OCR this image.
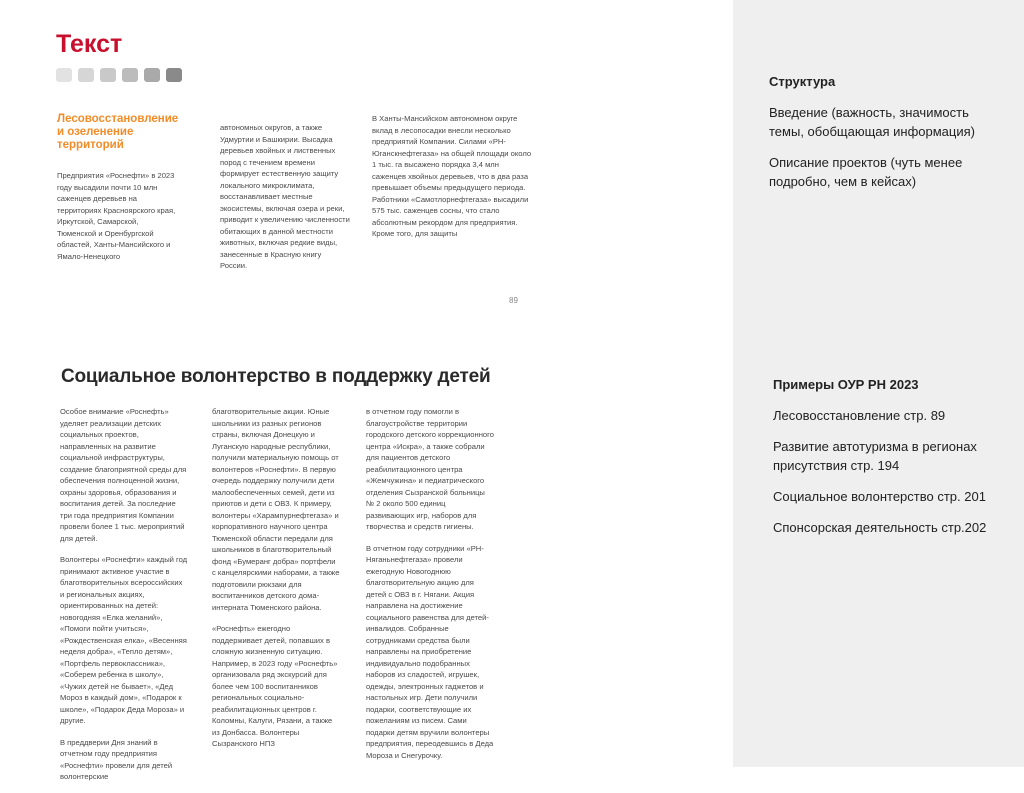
Текст
Лесовосстановление и озеленение территорий
Предприятия «Роснефти» в 2023 году высадили почти 10 млн саженцев деревьев на территориях Красноярского края, Иркутской, Самарской, Тюменской и Оренбургской областей, Ханты-Мансийского и Ямало-Ненецкого
автономных округов, а также Удмуртии и Башкирии. Высадка деревьев хвойных и лиственных пород с течением времени формирует естественную защиту локального микроклимата, восстанавливает местные экосистемы, включая озера и реки, приводит к увеличению численности обитающих в данной местности животных, включая редкие виды, занесенные в Красную книгу России.
В Ханты-Мансийском автономном округе вклад в лесопосадки внесли несколько предприятий Компании. Силами «РН-Юганскнефтегаза» на общей площади около 1 тыс. га высажено порядка 3,4 млн саженцев хвойных деревьев, что в два раза превышает объемы предыдущего периода. Работники «Самотлорнефтегаза» высадили 575 тыс. саженцев сосны, что стало абсолютным рекордом для предприятия. Кроме того, для защиты
89
Социальное волонтерство в поддержку детей

Особое внимание «Роснефть» уделяет реализации детских социальных проектов, направленных на развитие социальной инфраструктуры, создание благоприятной среды для обеспечения полноценной жизни, охраны здоровья, образования и воспитания детей. За последние три года предприятия Компании провели более 1 тыс. мероприятий для детей.

Волонтеры «Роснефти» каждый год принимают активное участие в благотворительных всероссийских и региональных акциях, ориентированных на детей: новогодняя «Елка желаний», «Помоги пойти учиться», «Рождественская елка», «Весенняя неделя добра», «Тепло детям», «Портфель первоклассника», «Соберем ребенка в школу», «Чужих детей не бывает», «Дед Мороз в каждый дом», «Подарок к школе», «Подарок Деда Мороза» и другие.

В преддверии Дня знаний в отчетном году предприятия «Роснефти» провели для детей волонтерские

благотворительные акции. Юные школьники из разных регионов страны, включая Донецкую и Луганскую народные республики, получили материальную помощь от волонтеров «Роснефти». В первую очередь поддержку получили дети малообеспеченных семей, дети из приютов и дети с ОВЗ. К примеру, волонтеры «Харампурнефтегаза» и корпоративного научного центра Тюменской области передали для школьников в благотворительный фонд «Бумеранг добра» портфели с канцелярскими наборами, а также подготовили рюкзаки для воспитанников детского дома-интерната Тюменского района.

«Роснефть» ежегодно поддерживает детей, попавших в сложную жизненную ситуацию. Например, в 2023 году «Роснефть» организовала ряд экскурсий для более чем 100 воспитанников региональных социально-реабилитационных центров г. Коломны, Калуги, Рязани, а также из Донбасса. Волонтеры Сызранского НПЗ

в отчетном году помогли в благоустройстве территории городского детского коррекционного центра «Искра», а также собрали для пациентов детского реабилитационного центра «Жемчужина» и педиатрического отделения Сызранской больницы № 2 около 500 единиц развивающих игр, наборов для творчества и средств гигиены.

В отчетном году сотрудники «РН-Няганьнефтегаза» провели ежегодную Новогоднюю благотворительную акцию для детей с ОВЗ в г. Нягани. Акция направлена на достижение социального равенства для детей-инвалидов. Собранные сотрудниками средства были направлены на приобретение индивидуально подобранных наборов из сладостей, игрушек, одежды, электронных гаджетов и настольных игр. Дети получили подарки, соответствующие их пожеланиям из писем. Сами подарки детям вручили волонтеры предприятия, переодевшись в Деда Мороза и Снегурочку.

Структура

Введение (важность, значимость темы, обобщающая информация)

Описание проектов (чуть менее подробно, чем в кейсах)

Примеры ОУР РН 2023

Лесовосстановление стр. 89

Развитие автотуризма в регионах присутствия стр. 194

Социальное волонтерство стр. 201

Спонсорская деятельность стр.202
